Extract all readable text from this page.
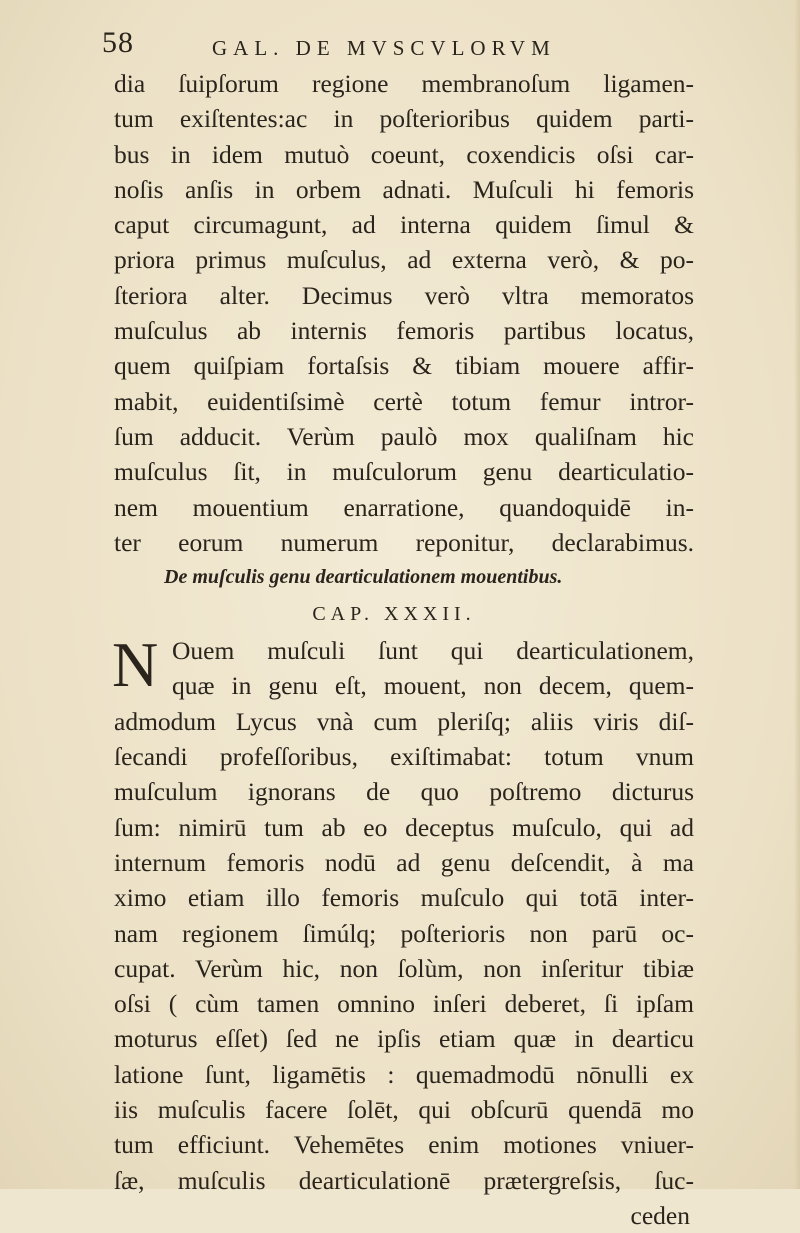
58	GAL. DE MVSCVLORVM
dia ſuipſorum regione membranoſum ligamen-
tum exiſtentes:ac in poſterioribus quidem parti-
bus in idem mutuò coeunt, coxendicis oſsi car-
noſis anſis in orbem adnati. Muſculi hi femoris
caput circumagunt, ad interna quidem ſimul &
priora primus muſculus, ad externa verò, & po-
ſteriora alter. Decimus verò vltra memoratos
muſculus ab internis femoris partibus locatus,
quem quiſpiam fortaſsis & tibiam mouere affir-
mabit, euidentiſsimè certè totum femur intror-
ſum adducit. Verùm paulò mox qualiſnam hic
muſculus ſit, in muſculorum genu dearticulatio-
nem mouentium enarratione, quandoquidē in-
ter eorum numerum reponitur, declarabimus.
De muſculis genu dearticulationem mouentibus.
CAP. XXXII.
N Ouem muſculi ſunt qui dearticulationem,
quæ in genu eſt, mouent, non decem, quem-
admodum Lycus vnà cum pleriſq; aliis viris diſ-
ſecandi profeſſoribus, exiſtimabat: totum vnum
muſculum ignorans de quo poſtremo dicturus
ſum: nimirū tum ab eo deceptus muſculo, qui ad
internum femoris nodū ad genu deſcendit, à ma
ximo etiam illo femoris muſculo qui totā inter-
nam regionem ſimúlq; poſterioris non parū oc-
cupat. Verùm hic, non ſolùm, non inſeritur tibiæ
oſsi ( cùm tamen omnino inſeri deberet, ſi ipſam
moturus eſſet) ſed ne ipſis etiam quæ in dearticu
latione ſunt, ligamētis : quemadmodū nōnulli ex
iis muſculis facere ſolēt, qui obſcurū quendā mo
tum efficiunt. Vehemētes enim motiones vniuer-
ſæ, muſculis dearticulationē prætergreſsis, ſuc-
ceden
